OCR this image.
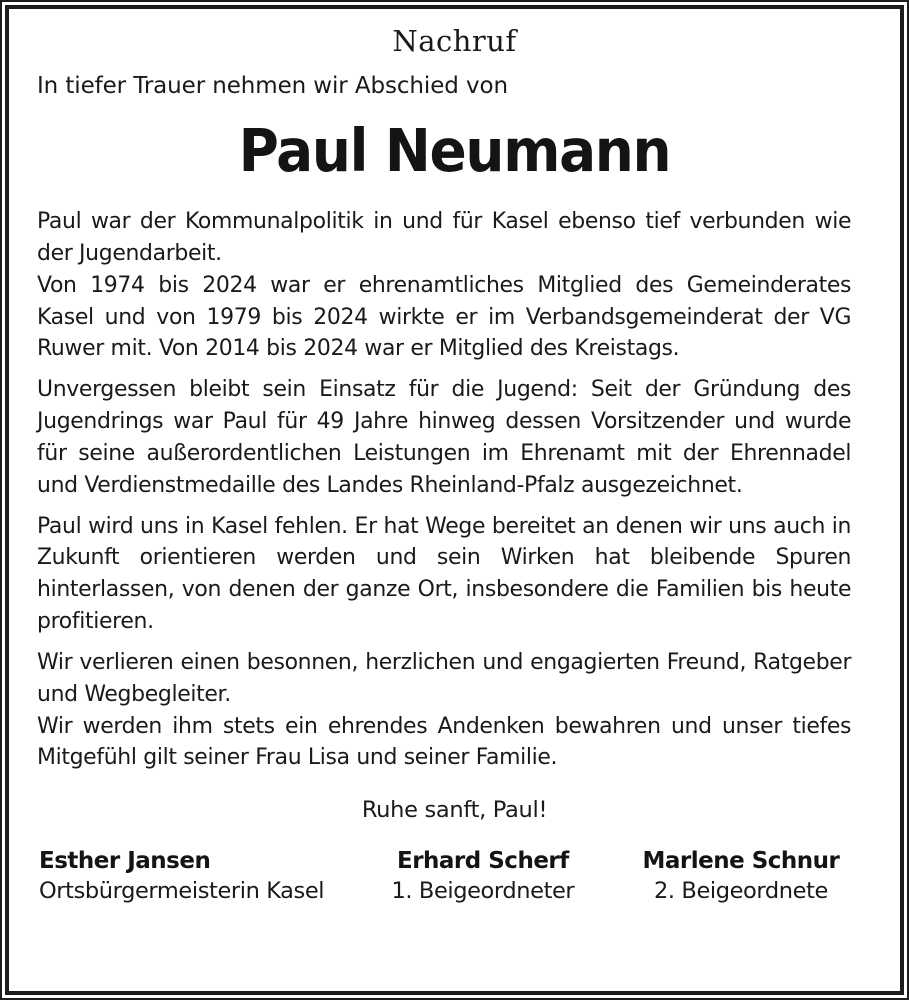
Nachruf
In tiefer Trauer nehmen wir Abschied von
Paul Neumann

Paul war der Kommunalpolitik in und für Kasel ebenso tief verbunden wie der Jugendarbeit.

Von 1974 bis 2024 war er ehrenamtliches Mitglied des Gemeinderates Kasel und von 1979 bis 2024 wirkte er im Verbandsgemeinderat der VG Ruwer mit. Von 2014 bis 2024 war er Mitglied des Kreistags.

Unvergessen bleibt sein Einsatz für die Jugend: Seit der Gründung des Jugendrings war Paul für 49 Jahre hinweg dessen Vorsitzender und wurde für seine außerordentlichen Leistungen im Ehrenamt mit der Ehrennadel und Verdienstmedaille des Landes Rheinland-Pfalz ausgezeichnet.

Paul wird uns in Kasel fehlen. Er hat Wege bereitet an denen wir uns auch in Zukunft orientieren werden und sein Wirken hat bleibende Spuren hinterlassen, von denen der ganze Ort, insbesondere die Familien bis heute profitieren.

Wir verlieren einen besonnen, herzlichen und engagierten Freund, Ratgeber und Wegbegleiter.

Wir werden ihm stets ein ehrendes Andenken bewahren und unser tiefes Mitgefühl gilt seiner Frau Lisa und seiner Familie.

Ruhe sanft, Paul!
Esther Jansen
Ortsbürgermeisterin Kasel
Erhard Scherf
1. Beigeordneter
Marlene Schnur
2. Beigeordnete
